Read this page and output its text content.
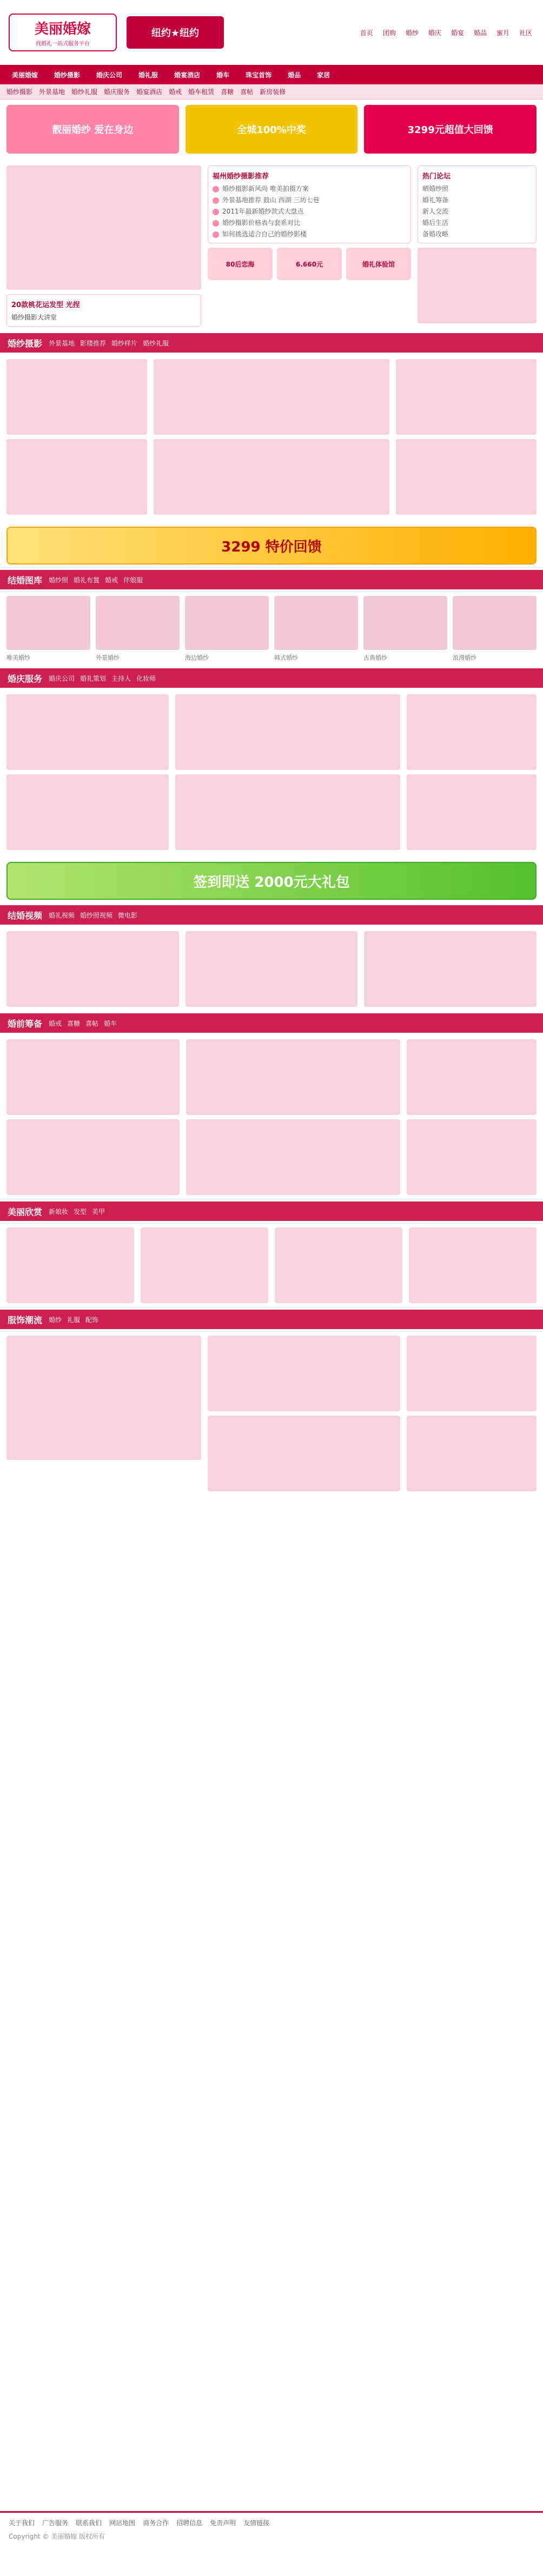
美丽婚嫁
找婚礼一站式服务平台
纽约★纽约	首页	团购	婚纱	婚庆	婚宴	婚品	蜜月	社区
美丽婚嫁	婚纱摄影	婚庆公司	婚礼服	婚宴酒店	婚车	珠宝首饰	婚品	家居
婚纱摄影 外景基地 婚纱礼服 婚庆服务 婚宴酒店 婚戒 婚车租赁 喜糖 喜帖 新房装修
靓丽婚纱 爱在身边	全城100%中奖	3299元超值大回馈
20款桃花运发型 光捏
婚纱摄影大讲堂
福州婚纱摄影推荐
婚纱摄影新风尚 唯美拍摄方案
外景基地推荐 鼓山 西湖 三坊七巷
2011年最新婚纱款式大盘点
婚纱摄影价格表与套系对比
如何挑选适合自己的婚纱影楼
80后恋海	6.660元	婚礼体验馆
热门论坛
晒婚纱照
婚礼筹备
新人交流
婚后生活
备婚攻略
婚纱摄影 外景基地 影楼推荐 婚纱样片 婚纱礼服
3299 特价回馈
结婚图库 婚纱照 婚礼布置 婚戒 伴娘服
唯美婚纱	外景婚纱	海边婚纱	韩式婚纱	古典婚纱	浪漫婚纱
婚庆服务 婚庆公司 婚礼策划 主持人 化妆师
签到即送 2000元大礼包
结婚视频 婚礼视频 婚纱照视频 微电影
婚前筹备 婚戒 喜糖 喜帖 婚车
美丽欣赏 新娘妆 发型 美甲
服饰潮流 婚纱 礼服 配饰
关于我们 广告服务 联系我们 网站地图 商务合作 招聘信息 免责声明 友情链接
Copyright © 美丽婚嫁 版权所有
